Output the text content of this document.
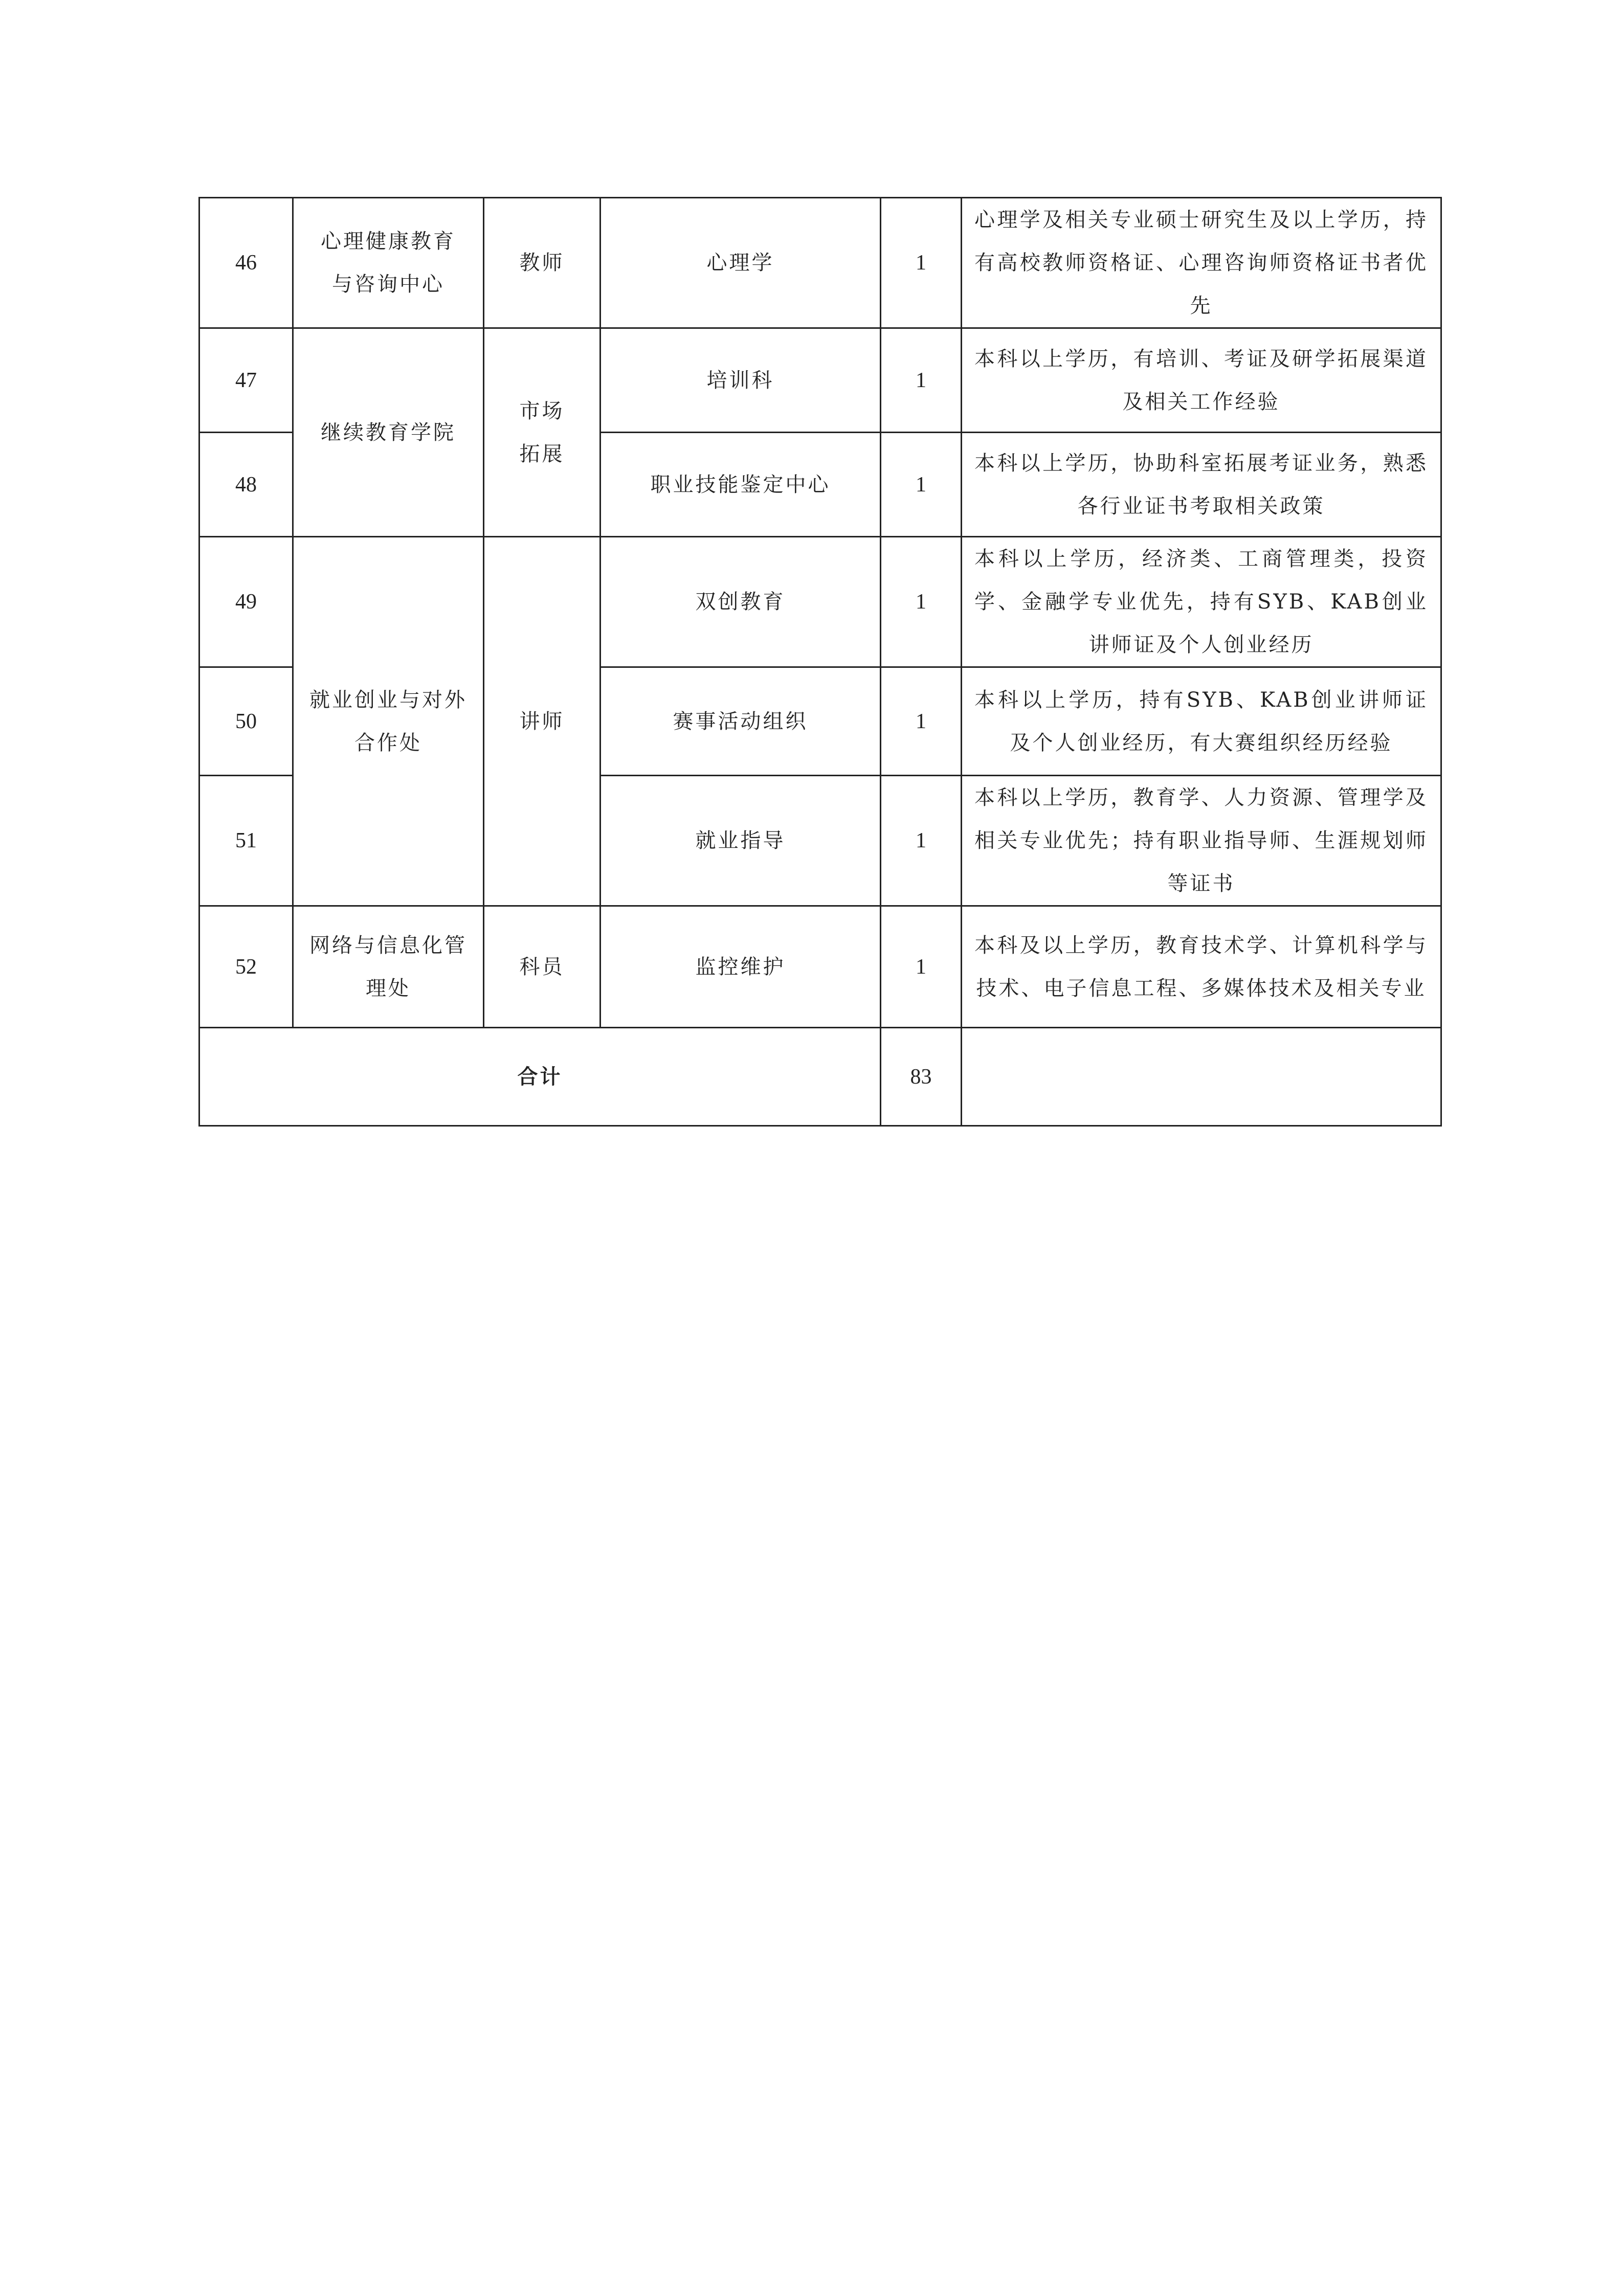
46	心理健康教育与咨询中心	教师	心理学	1	心理学及相关专业硕士研究生及以上学历，持有高校教师资格证、心理咨询师资格证书者优先
47	继续教育学院	市场拓展	培训科	1	本科以上学历，有培训、考证及研学拓展渠道及相关工作经验
48			职业技能鉴定中心	1	本科以上学历，协助科室拓展考证业务，熟悉各行业证书考取相关政策
49	就业创业与对外合作处	讲师	双创教育	1	本科以上学历，经济类、工商管理类，投资学、金融学专业优先，持有SYB、KAB创业讲师证及个人创业经历
50			赛事活动组织	1	本科以上学历，持有SYB、KAB创业讲师证及个人创业经历，有大赛组织经历经验
51			就业指导	1	本科以上学历，教育学、人力资源、管理学及相关专业优先；持有职业指导师、生涯规划师等证书
52	网络与信息化管理处	科员	监控维护	1	本科及以上学历，教育技术学、计算机科学与技术、电子信息工程、多媒体技术及相关专业
合计				83	
